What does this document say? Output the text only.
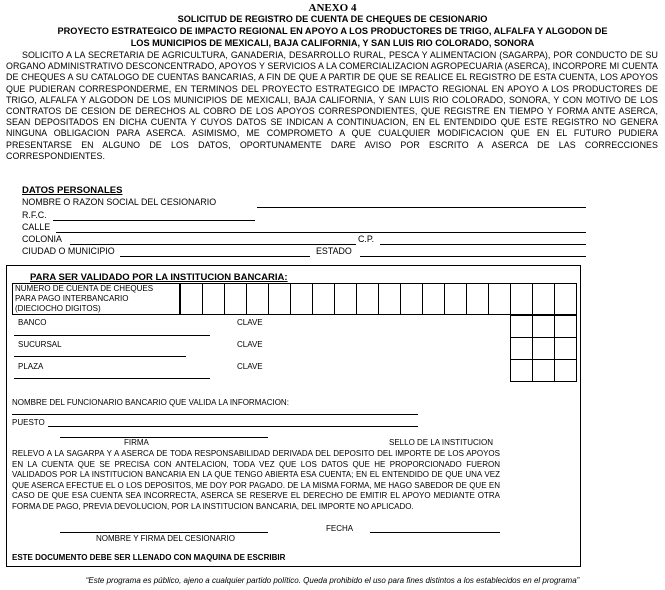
ANEXO 4
SOLICITUD DE REGISTRO DE CUENTA DE CHEQUES DE CESIONARIO
PROYECTO ESTRATEGICO DE IMPACTO REGIONAL EN APOYO A LOS PRODUCTORES DE TRIGO, ALFALFA Y ALGODON DE
LOS MUNICIPIOS DE MEXICALI, BAJA CALIFORNIA, Y SAN LUIS RIO COLORADO, SONORA
SOLICITO A LA SECRETARIA DE AGRICULTURA, GANADERIA, DESARROLLO RURAL, PESCA Y ALIMENTACION (SAGARPA), POR CONDUCTO DE SU ORGANO ADMINISTRATIVO DESCONCENTRADO, APOYOS Y SERVICIOS A LA COMERCIALIZACION AGROPECUARIA (ASERCA), INCORPORE MI CUENTA DE CHEQUES A SU CATALOGO DE CUENTAS BANCARIAS, A FIN DE QUE A PARTIR DE QUE SE REALICE EL REGISTRO DE ESTA CUENTA, LOS APOYOS QUE PUDIERAN CORRESPONDERME, EN TERMINOS DEL PROYECTO ESTRATEGICO DE IMPACTO REGIONAL EN APOYO A LOS PRODUCTORES DE TRIGO, ALFALFA Y ALGODON DE LOS MUNICIPIOS DE MEXICALI, BAJA CALIFORNIA, Y SAN LUIS RIO COLORADO, SONORA, Y CON MOTIVO DE LOS CONTRATOS DE CESION DE DERECHOS AL COBRO DE LOS APOYOS CORRESPONDIENTES, QUE REGISTRE EN TIEMPO Y FORMA ANTE ASERCA, SEAN DEPOSITADOS EN DICHA CUENTA Y CUYOS DATOS SE INDICAN A CONTINUACION, EN EL ENTENDIDO QUE ESTE REGISTRO NO GENERA NINGUNA OBLIGACION PARA ASERCA. ASIMISMO, ME COMPROMETO A QUE CUALQUIER MODIFICACION QUE EN EL FUTURO PUDIERA PRESENTARSE EN ALGUNO DE LOS DATOS, OPORTUNAMENTE DARE AVISO POR ESCRITO A ASERCA DE LAS CORRECCIONES CORRESPONDIENTES.
DATOS PERSONALES
NOMBRE O RAZON SOCIAL DEL CESIONARIO
R.F.C.
CALLE
COLONIA	C.P.
CIUDAD O MUNICIPIO	ESTADO
PARA SER VALIDADO POR LA INSTITUCION BANCARIA:
NUMERO DE CUENTA DE CHEQUES
PARA PAGO INTERBANCARIO
(DIECIOCHO DIGITOS)
BANCO	CLAVE
SUCURSAL	CLAVE
PLAZA	CLAVE
NOMBRE DEL FUNCIONARIO BANCARIO QUE VALIDA LA INFORMACION:
PUESTO
FIRMA	SELLO DE LA INSTITUCION
RELEVO A LA SAGARPA Y A ASERCA DE TODA RESPONSABILIDAD DERIVADA DEL DEPOSITO DEL IMPORTE DE LOS APOYOS EN LA CUENTA QUE SE PRECISA CON ANTELACION, TODA VEZ QUE LOS DATOS QUE HE PROPORCIONADO FUERON VALIDADOS POR LA INSTITUCION BANCARIA EN LA QUE TENGO ABIERTA ESA CUENTA; EN EL ENTENDIDO DE QUE UNA VEZ QUE ASERCA EFECTUE EL O LOS DEPOSITOS, ME DOY POR PAGADO. DE LA MISMA FORMA, ME HAGO SABEDOR DE QUE EN CASO DE QUE ESA CUENTA SEA INCORRECTA, ASERCA SE RESERVE EL DERECHO DE EMITIR EL APOYO MEDIANTE OTRA FORMA DE PAGO, PREVIA DEVOLUCION, POR LA INSTITUCION BANCARIA, DEL IMPORTE NO APLICADO.
FECHA
NOMBRE Y FIRMA DEL CESIONARIO
ESTE DOCUMENTO DEBE SER LLENADO CON MAQUINA DE ESCRIBIR
“Este programa es público, ajeno a cualquier partido político. Queda prohibido el uso para fines distintos a los establecidos en el programa”
